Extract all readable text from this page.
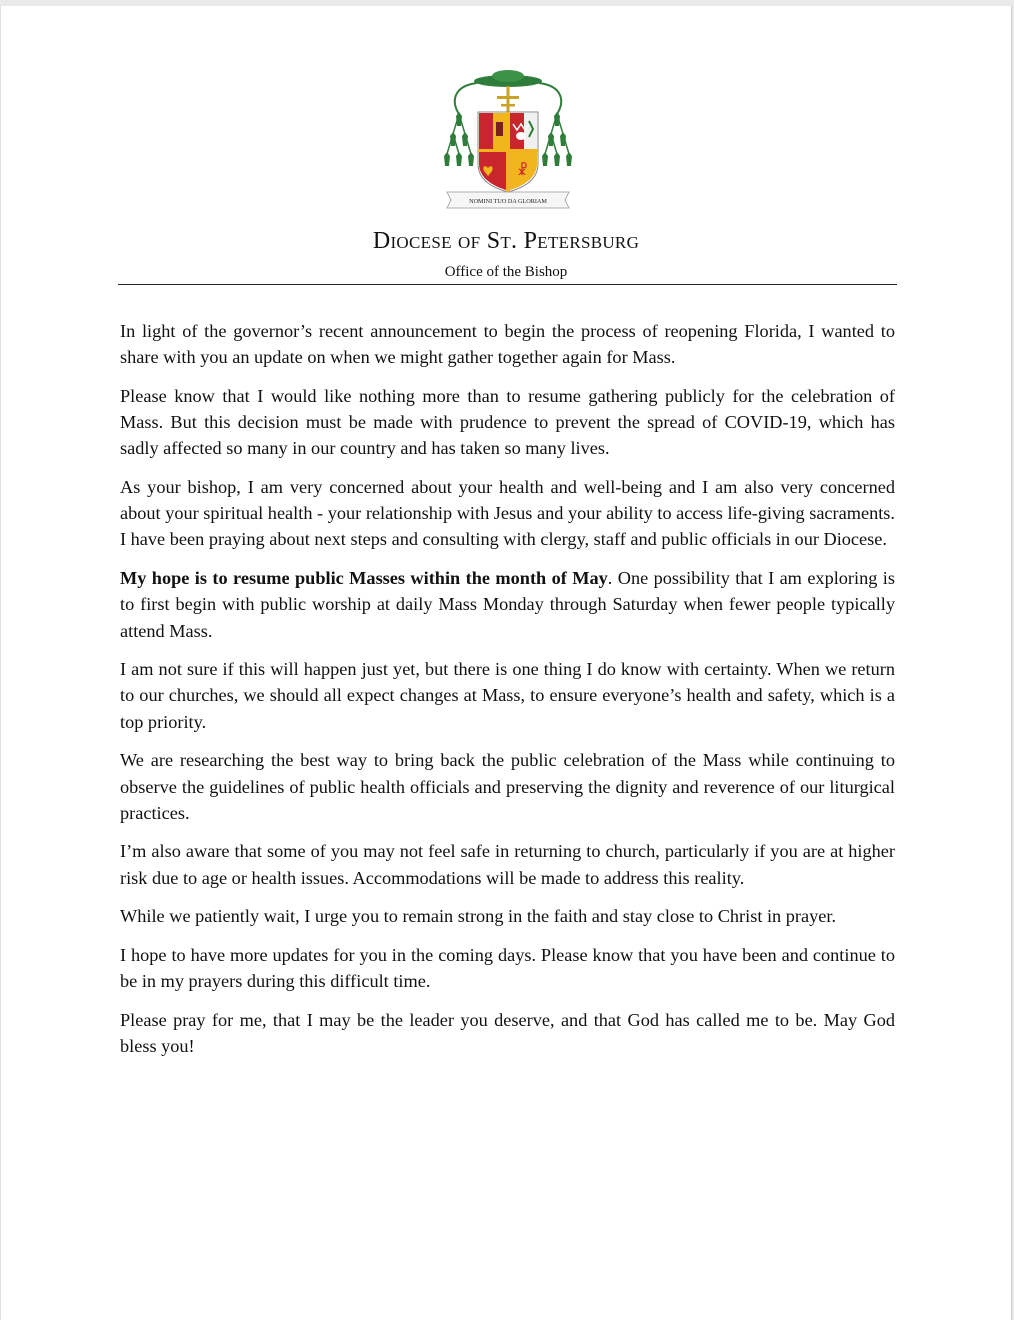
☧
NOMINI TUO DA GLORIAM
Diocese of St. Petersburg
Office of the Bishop

In light of the governor’s recent announcement to begin the process of reopening Florida, I wanted to share with you an update on when we might gather together again for Mass.

Please know that I would like nothing more than to resume gathering publicly for the celebration of Mass. But this decision must be made with prudence to prevent the spread of COVID-19, which has sadly affected so many in our country and has taken so many lives.

As your bishop, I am very concerned about your health and well-being and I am also very concerned about your spiritual health - your relationship with Jesus and your ability to access life-giving sacraments. I have been praying about next steps and consulting with clergy, staff and public officials in our Diocese.

My hope is to resume public Masses within the month of May. One possibility that I am exploring is to first begin with public worship at daily Mass Monday through Saturday when fewer people typically attend Mass.

I am not sure if this will happen just yet, but there is one thing I do know with certainty. When we return to our churches, we should all expect changes at Mass, to ensure everyone’s health and safety, which is a top priority.

We are researching the best way to bring back the public celebration of the Mass while continuing to observe the guidelines of public health officials and preserving the dignity and reverence of our liturgical practices.

I’m also aware that some of you may not feel safe in returning to church, particularly if you are at higher risk due to age or health issues. Accommodations will be made to address this reality.

While we patiently wait, I urge you to remain strong in the faith and stay close to Christ in prayer.

I hope to have more updates for you in the coming days. Please know that you have been and continue to be in my prayers during this difficult time.

Please pray for me, that I may be the leader you deserve, and that God has called me to be. May God bless you!
